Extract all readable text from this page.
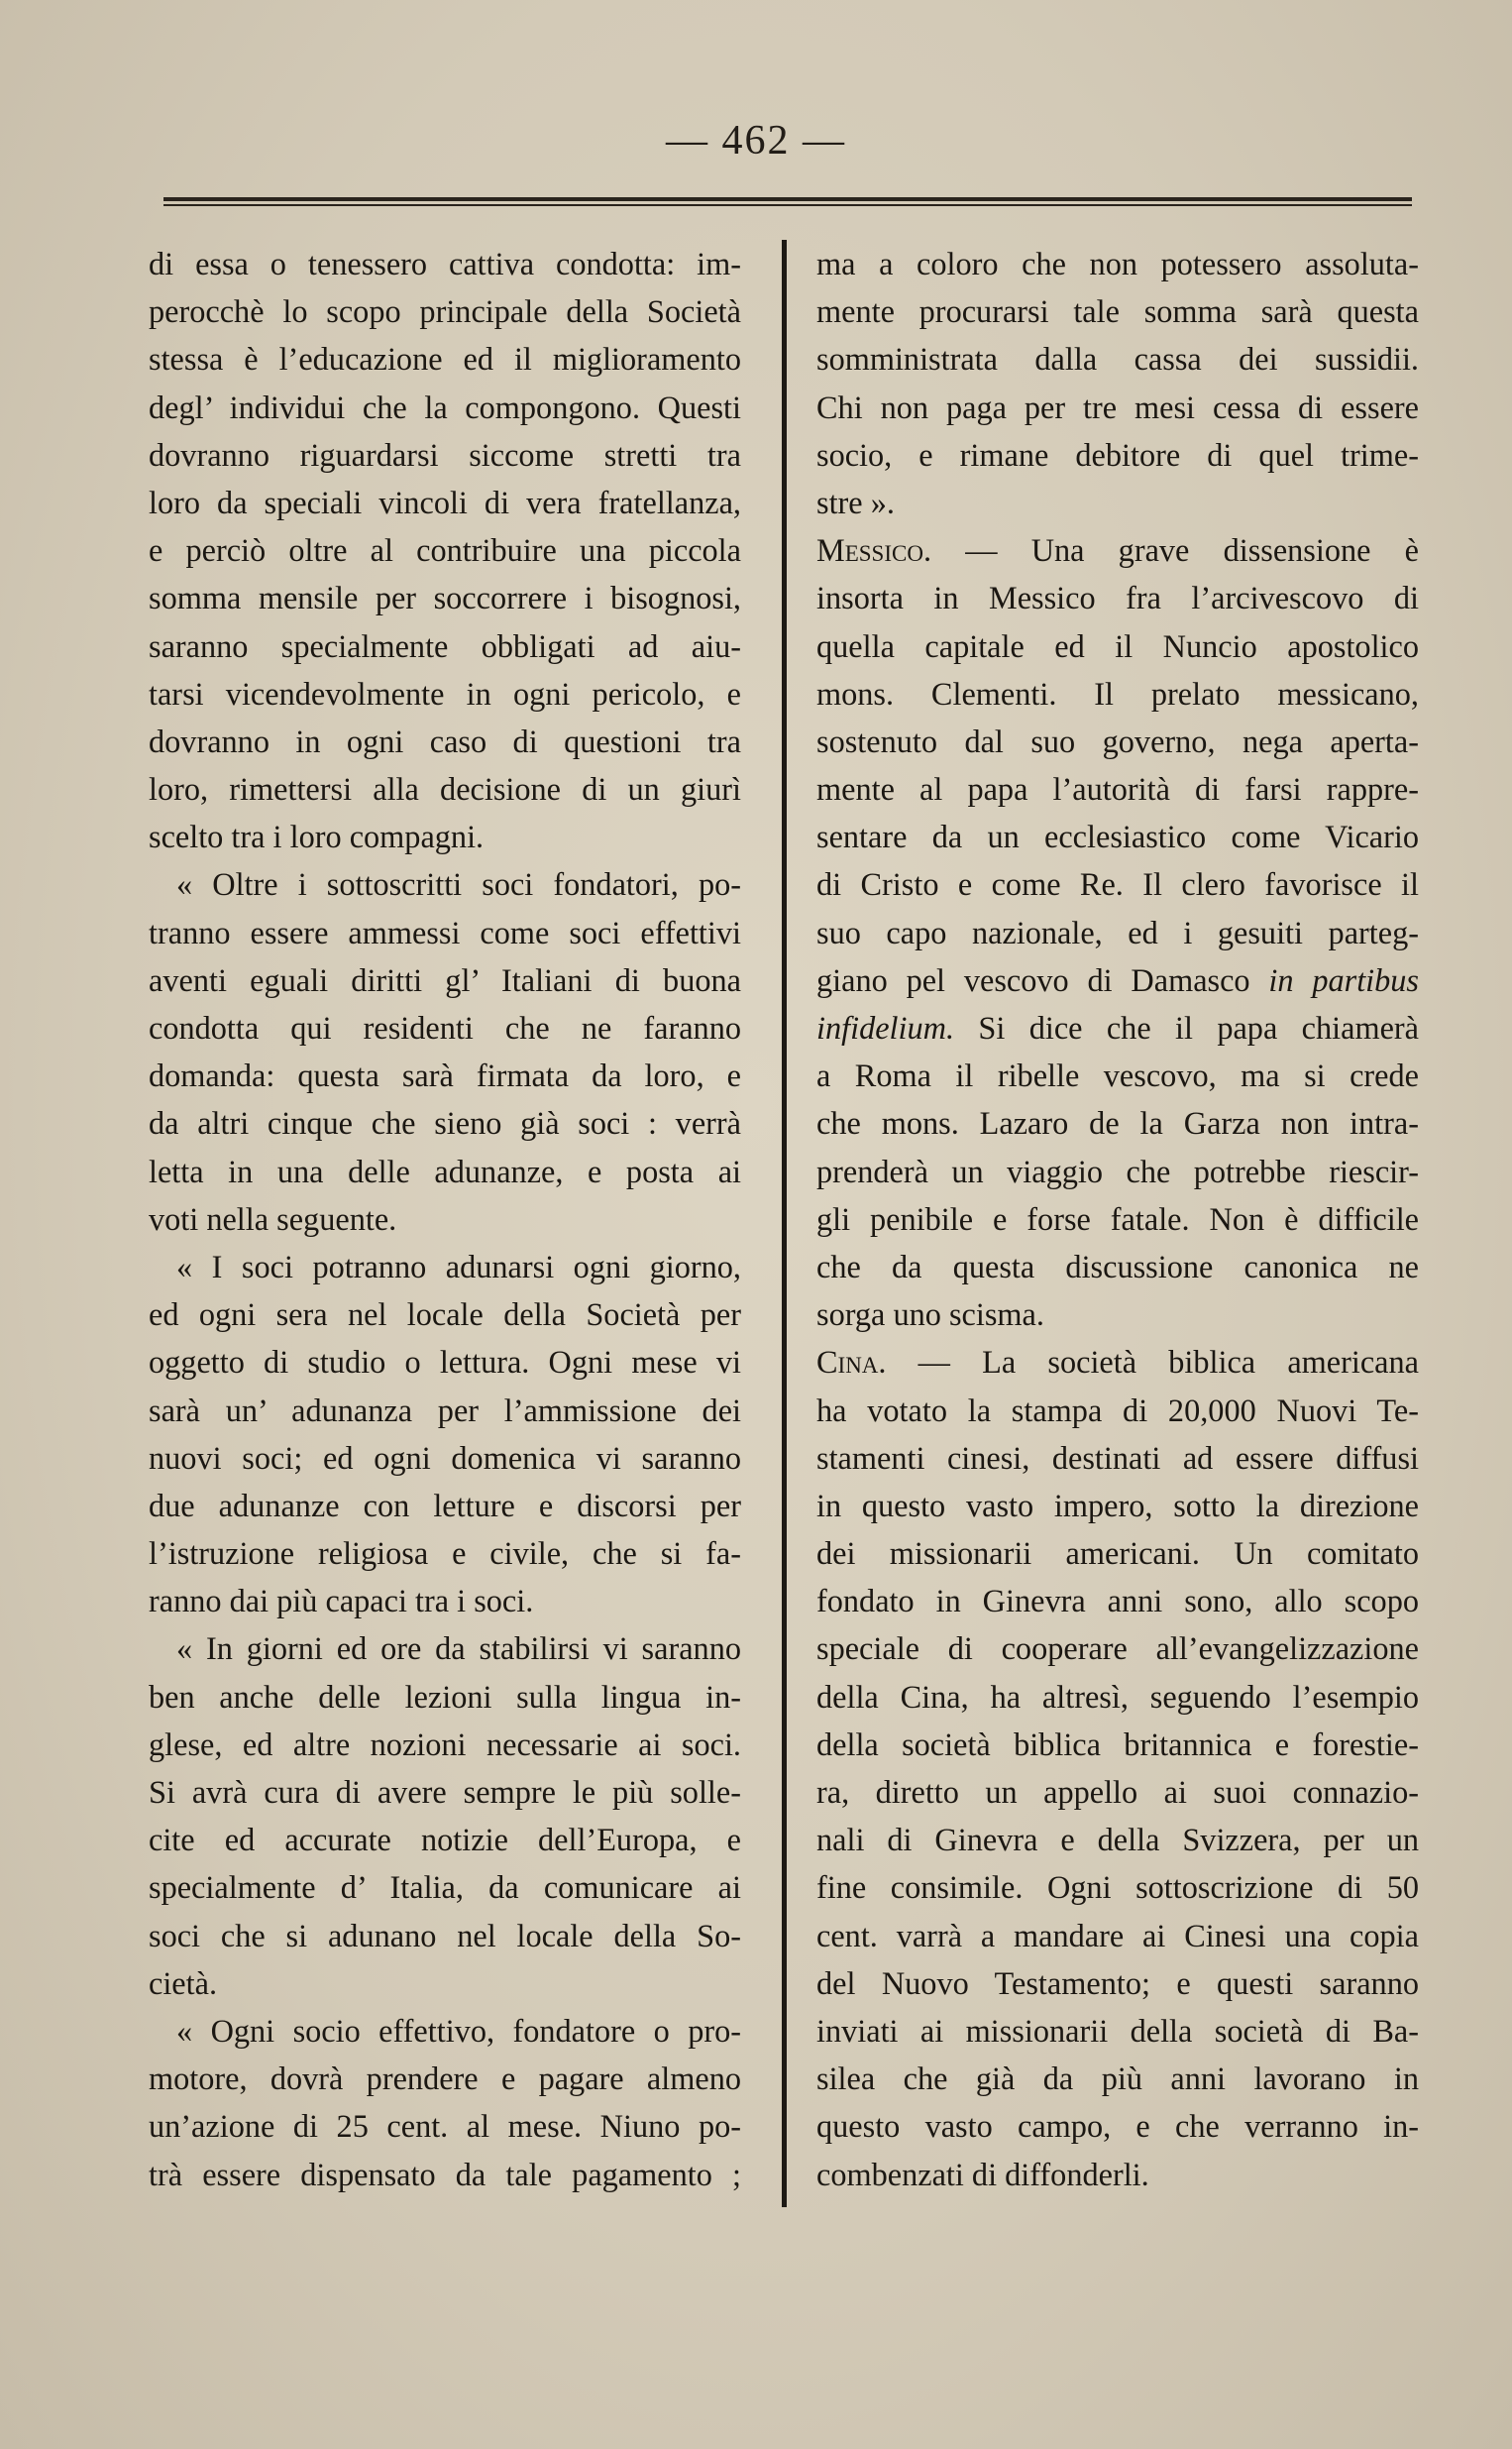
— 462 —
di essa o tenessero cattiva condotta: im-
perocchè lo scopo principale della Società
stessa è l’educazione ed il miglioramento
degl’ individui che la compongono. Questi
dovranno riguardarsi siccome stretti tra
loro da speciali vincoli di vera fratellanza,
e perciò oltre al contribuire una piccola
somma mensile per soccorrere i bisognosi,
saranno specialmente obbligati ad aiu-
tarsi vicendevolmente in ogni pericolo, e
dovranno in ogni caso di questioni tra
loro, rimettersi alla decisione di un giurì
scelto tra i loro compagni.
« Oltre i sottoscritti soci fondatori, po-
tranno essere ammessi come soci effettivi
aventi eguali diritti gl’ Italiani di buona
condotta qui residenti che ne faranno
domanda: questa sarà firmata da loro, e
da altri cinque che sieno già soci : verrà
letta in una delle adunanze, e posta ai
voti nella seguente.
« I soci potranno adunarsi ogni giorno,
ed ogni sera nel locale della Società per
oggetto di studio o lettura. Ogni mese vi
sarà un’ adunanza per l’ammissione dei
nuovi soci; ed ogni domenica vi saranno
due adunanze con letture e discorsi per
l’istruzione religiosa e civile, che si fa-
ranno dai più capaci tra i soci.
« In giorni ed ore da stabilirsi vi saranno
ben anche delle lezioni sulla lingua in-
glese, ed altre nozioni necessarie ai soci.
Si avrà cura di avere sempre le più solle-
cite ed accurate notizie dell’Europa, e
specialmente d’ Italia, da comunicare ai
soci che si adunano nel locale della So-
cietà.
« Ogni socio effettivo, fondatore o pro-
motore, dovrà prendere e pagare almeno
un’azione di 25 cent. al mese. Niuno po-
trà essere dispensato da tale pagamento ;
ma a coloro che non potessero assoluta-
mente procurarsi tale somma sarà questa
somministrata dalla cassa dei sussidii.
Chi non paga per tre mesi cessa di essere
socio, e rimane debitore di quel trime-
stre ».
Messico. — Una grave dissensione è
insorta in Messico fra l’arcivescovo di
quella capitale ed il Nuncio apostolico
mons. Clementi. Il prelato messicano,
sostenuto dal suo governo, nega aperta-
mente al papa l’autorità di farsi rappre-
sentare da un ecclesiastico come Vicario
di Cristo e come Re. Il clero favorisce il
suo capo nazionale, ed i gesuiti parteg-
giano pel vescovo di Damasco in partibus
infidelium. Si dice che il papa chiamerà
a Roma il ribelle vescovo, ma si crede
che mons. Lazaro de la Garza non intra-
prenderà un viaggio che potrebbe riescir-
gli penibile e forse fatale. Non è difficile
che da questa discussione canonica ne
sorga uno scisma.
Cina. — La società biblica americana
ha votato la stampa di 20,000 Nuovi Te-
stamenti cinesi, destinati ad essere diffusi
in questo vasto impero, sotto la direzione
dei missionarii americani. Un comitato
fondato in Ginevra anni sono, allo scopo
speciale di cooperare all’evangelizzazione
della Cina, ha altresì, seguendo l’esempio
della società biblica britannica e forestie-
ra, diretto un appello ai suoi connazio-
nali di Ginevra e della Svizzera, per un
fine consimile. Ogni sottoscrizione di 50
cent. varrà a mandare ai Cinesi una copia
del Nuovo Testamento; e questi saranno
inviati ai missionarii della società di Ba-
silea che già da più anni lavorano in
questo vasto campo, e che verranno in-
combenzati di diffonderli.
